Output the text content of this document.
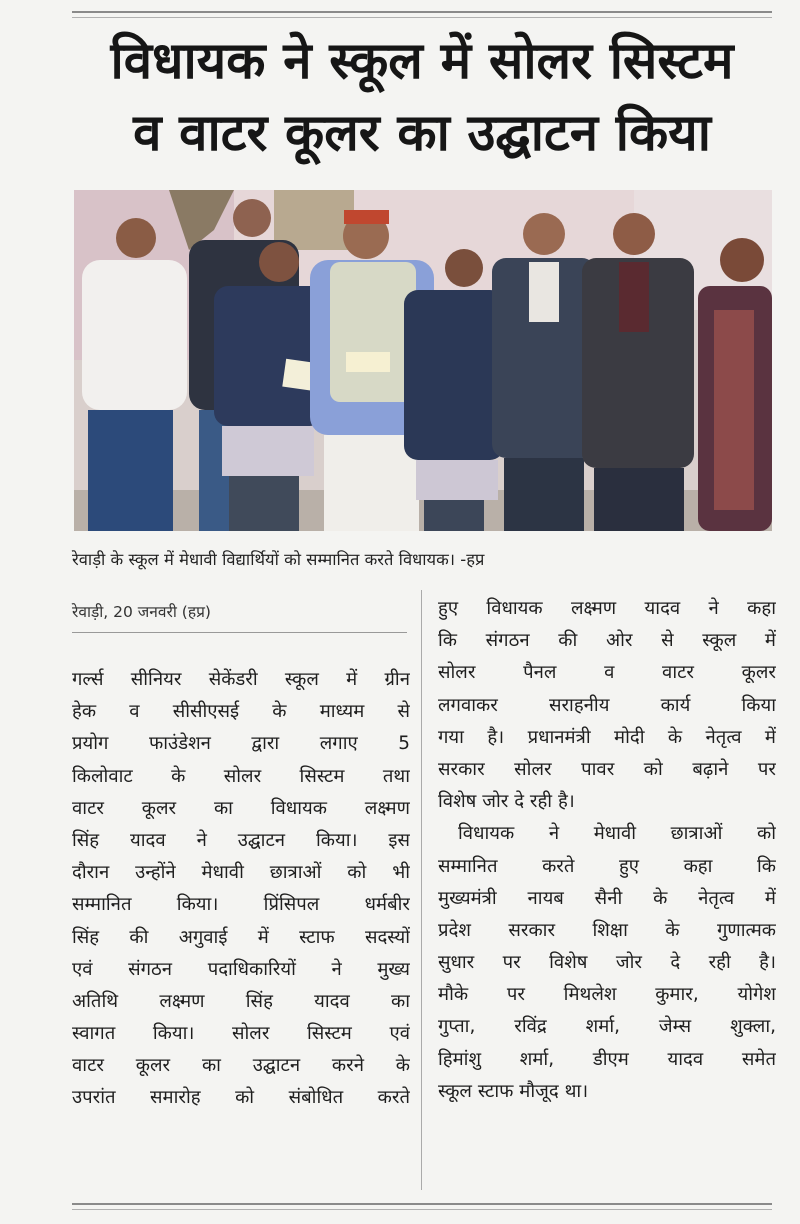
विधायक ने स्कूल में सोलर सिस्टम
व वाटर कूलर का उद्घाटन किया
रेवाड़ी के स्कूल में मेधावी विद्यार्थियों को सम्मानित करते विधायक। -हप्र
रेवाड़ी, 20 जनवरी (हप्र)
गर्ल्स सीनियर सेकेंडरी स्कूल में ग्रीन
हेक व सीसीएसई के माध्यम से
प्रयोग फाउंडेशन द्वारा लगाए 5
किलोवाट के सोलर सिस्टम तथा
वाटर कूलर का विधायक लक्ष्मण
सिंह यादव ने उद्घाटन किया। इस
दौरान उन्होंने मेधावी छात्राओं को भी
सम्मानित किया। प्रिंसिपल धर्मबीर
सिंह की अगुवाई में स्टाफ सदस्यों
एवं संगठन पदाधिकारियों ने मुख्य
अतिथि लक्ष्मण सिंह यादव का
स्वागत किया। सोलर सिस्टम एवं
वाटर कूलर का उद्घाटन करने के
उपरांत समारोह को संबोधित करते
हुए विधायक लक्ष्मण यादव ने कहा
कि संगठन की ओर से स्कूल में
सोलर पैनल व वाटर कूलर
लगवाकर सराहनीय कार्य किया
गया है। प्रधानमंत्री मोदी के नेतृत्व में
सरकार सोलर पावर को बढ़ाने पर
विशेष जोर दे रही है।
विधायक ने मेधावी छात्राओं को
सम्मानित करते हुए कहा कि
मुख्यमंत्री नायब सैनी के नेतृत्व में
प्रदेश सरकार शिक्षा के गुणात्मक
सुधार पर विशेष जोर दे रही है।
मौके पर मिथलेश कुमार, योगेश
गुप्ता, रविंद्र शर्मा, जेम्स शुक्ला,
हिमांशु शर्मा, डीएम यादव समेत
स्कूल स्टाफ मौजूद था।
